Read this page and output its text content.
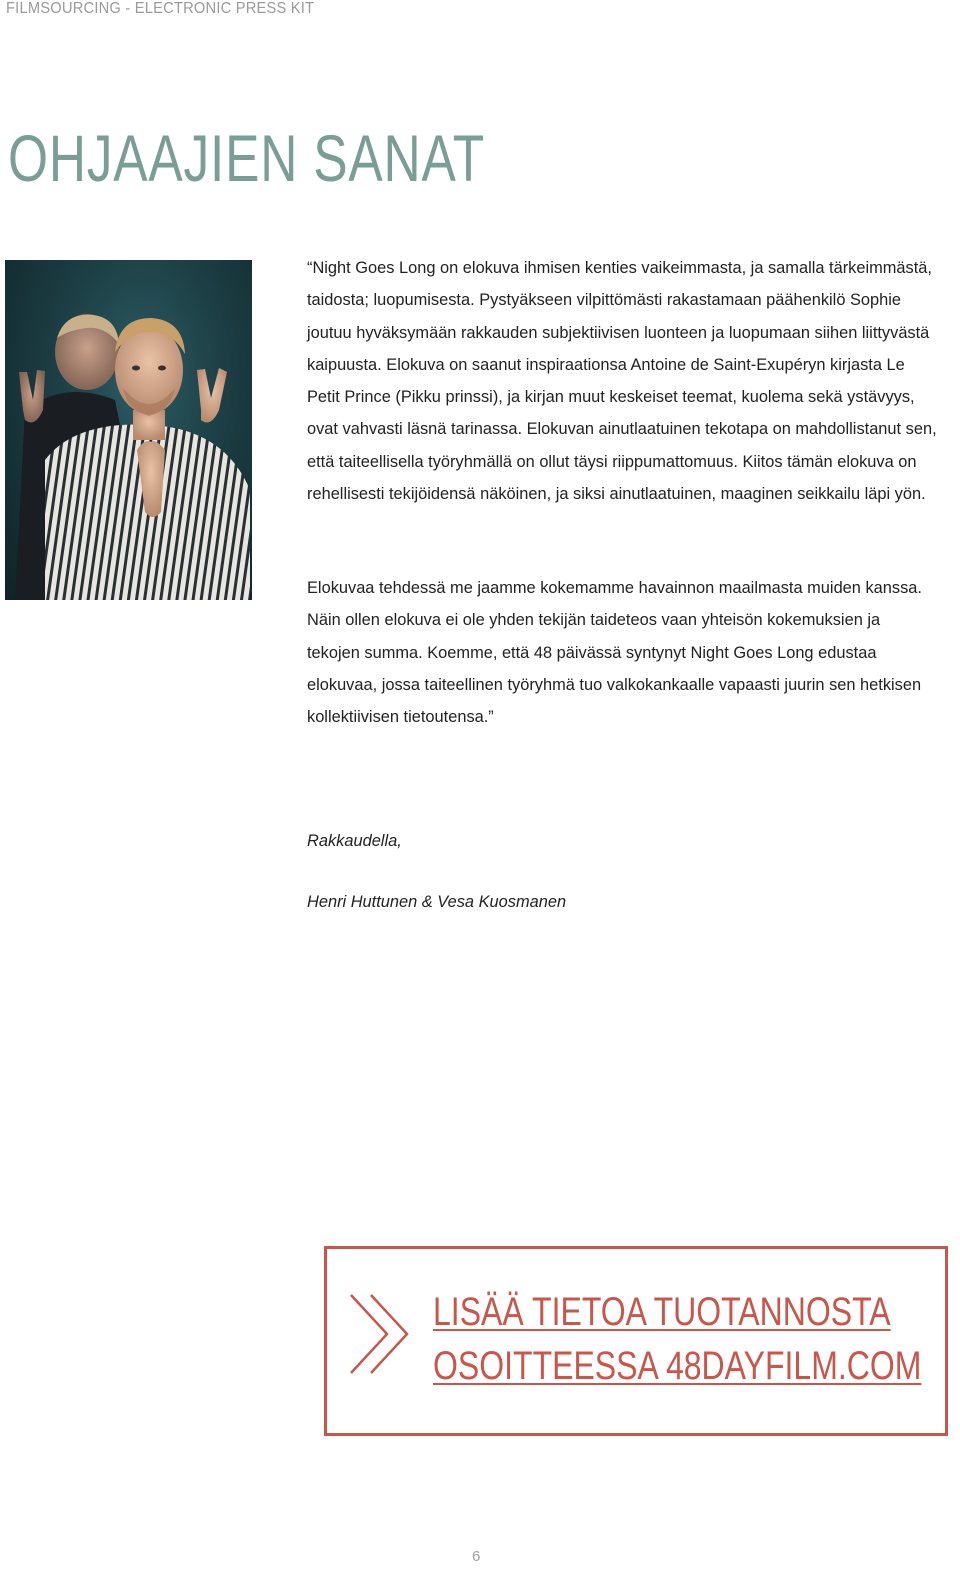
FILMSOURCING - ELECTRONIC PRESS KIT
OHJAAJIEN SANAT

“Night Goes Long on elokuva ihmisen kenties vaikeimmasta, ja samalla tärkeimmästä, taidosta; luopumisesta. Pystyäkseen vilpittömästi rakastamaan päähenkilö Sophie joutuu hyväksymään rakkauden subjektiivisen luonteen ja luopumaan siihen liittyvästä kaipuusta. Elokuva on saanut inspiraationsa Antoine de Saint-Exupéryn kirjasta Le Petit Prince (Pikku prinssi), ja kirjan muut keskeiset teemat, kuolema sekä ystävyys, ovat vahvasti läsnä tarinassa. Elokuvan ainutlaatuinen tekotapa on mahdollistanut sen, että taiteellisella työryhmällä on ollut täysi riippumattomuus. Kiitos tämän elokuva on rehellisesti tekijöidensä näköinen, ja siksi ainutlaatuinen, maaginen seikkailu läpi yön.

Elokuvaa tehdessä me jaamme kokemamme havainnon maailmasta muiden kanssa. Näin ollen elokuva ei ole yhden tekijän taideteos vaan yhteisön kokemuksien ja tekojen summa. Koemme, että 48 päivässä syntynyt Night Goes Long edustaa elokuvaa, jossa taiteellinen työryhmä tuo valkokankaalle vapaasti juurin sen hetkisen kollektiivisen tietoutensa.”

Rakkaudella,

Henri Huttunen & Vesa Kuosmanen

LISÄÄ TIETOA TUOTANNOSTA

OSOITTEESSA 48DAYFILM.COM

6
